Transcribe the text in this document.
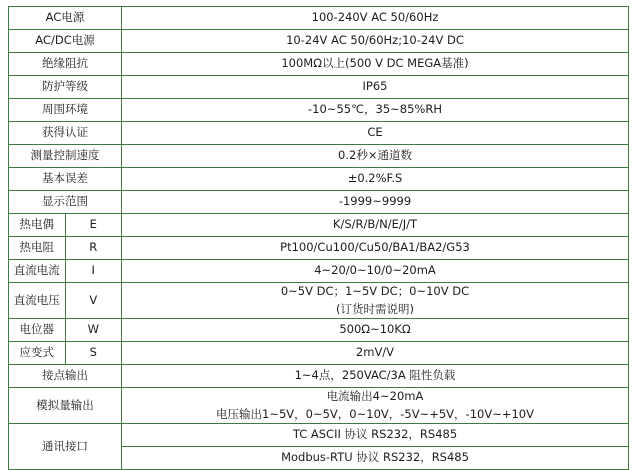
AC电源		100-240V AC 50/60Hz
AC/DC电源		10-24V AC 50/60Hz;10-24V DC
绝缘阻抗		100MΩ以上(500 V DC MEGA基准)
防护等级		IP65
周围环境		-10~55℃，35~85%RH
获得认证		CE
测量控制速度		0.2秒×通道数
基本误差		±0.2%F.S
显示范围		-1999~9999
热电偶	E	K/S/R/B/N/E/J/T
热电阻	R	Pt100/Cu100/Cu50/BA1/BA2/G53
直流电流	I	4~20/0~10/0~20mA
直流电压	V	0~5V DC；1~5V DC；0~10V DC
(订货时需说明)

电位器	W	500Ω~10KΩ
应变式	S	2mV/V
接点输出		1~4点，250VAC/3A 阻性负载
模拟量输出		电流输出4~20mA
电压输出1~5V，0~5V，0~10V，-5V~+5V，-10V~+10V

通讯接口		TC ASCII 协议 RS232，RS485
		Modbus-RTU 协议 RS232，RS485
